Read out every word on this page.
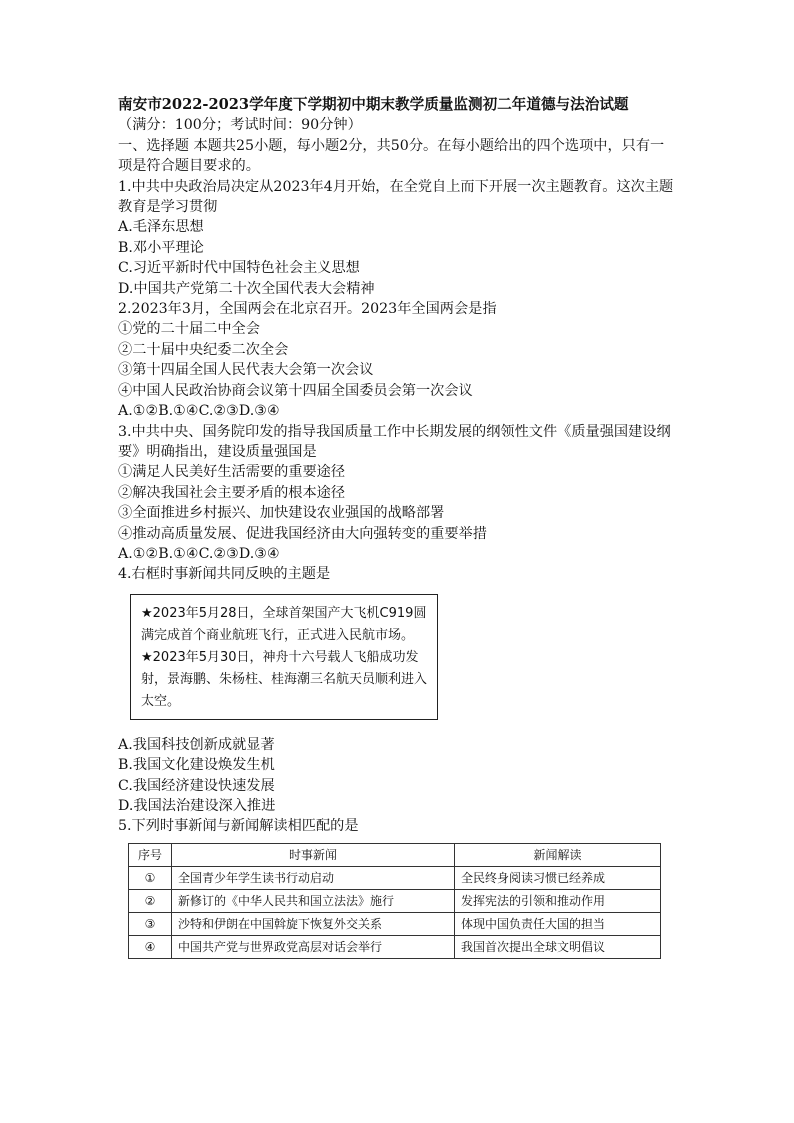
南安市2022-2023学年度下学期初中期末教学质量监测初二年道德与法治试题
（满分：100分；考试时间：90分钟）
一、选择题 本题共25小题，每小题2分，共50分。在每小题给出的四个选项中，只有一项是符合题目要求的。
1.中共中央政治局决定从2023年4月开始，在全党自上而下开展一次主题教育。这次主题教育是学习贯彻
A.毛泽东思想
B.邓小平理论
C.习近平新时代中国特色社会主义思想
D.中国共产党第二十次全国代表大会精神
2.2023年3月，全国两会在北京召开。2023年全国两会是指
①党的二十届二中全会
②二十届中央纪委二次全会
③第十四届全国人民代表大会第一次会议
④中国人民政治协商会议第十四届全国委员会第一次会议
A.①②B.①④C.②③D.③④
3.中共中央、国务院印发的指导我国质量工作中长期发展的纲领性文件《质量强国建设纲要》明确指出，建设质量强国是
①满足人民美好生活需要的重要途径
②解决我国社会主要矛盾的根本途径
③全面推进乡村振兴、加快建设农业强国的战略部署
④推动高质量发展、促进我国经济由大向强转变的重要举措
A.①②B.①④C.②③D.③④
4.右框时事新闻共同反映的主题是

★2023年5月28日，全球首架国产大飞机C919圆满完成首个商业航班飞行，正式进入民航市场。

★2023年5月30日，神舟十六号载人飞船成功发射，景海鹏、朱杨柱、桂海潮三名航天员顺利进入太空。

A.我国科技创新成就显著
B.我国文化建设焕发生机
C.我国经济建设快速发展
D.我国法治建设深入推进
5.下列时事新闻与新闻解读相匹配的是
序号	时事新闻	新闻解读
①	全国青少年学生读书行动启动	全民终身阅读习惯已经养成
②	新修订的《中华人民共和国立法法》施行	发挥宪法的引领和推动作用
③	沙特和伊朗在中国斡旋下恢复外交关系	体现中国负责任大国的担当
④	中国共产党与世界政党高层对话会举行	我国首次提出全球文明倡议
